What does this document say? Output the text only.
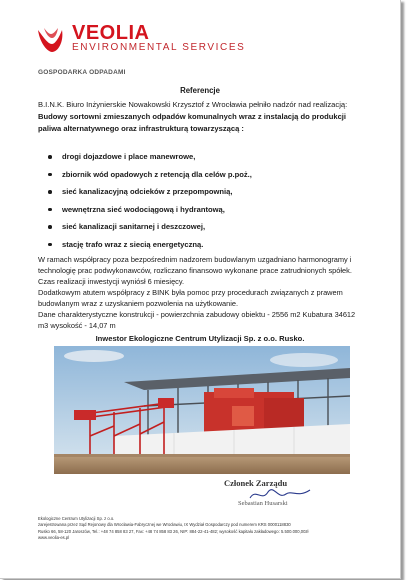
VEOLIA
ENVIRONMENTAL SERVICES
GOSPODARKA ODPADAMI
Referencje
B.I.N.K. Biuro Inżynierskie Nowakowski Krzysztof z Wrocławia pełniło nadzór nad realizacją:
Budowy sortowni zmieszanych odpadów komunalnych wraz z instalacją do produkcji
paliwa alternatywnego oraz infrastrukturą towarzyszącą :
drogi dojazdowe i place manewrowe,
zbiornik wód opadowych z retencją dla celów p.poż.,
sieć kanalizacyjną odcieków z przepompownią,
wewnętrzna sieć wodociągową i hydrantową,
sieć kanalizacji sanitarnej i deszczowej,
stację trafo wraz z siecią energetyczną.
W ramach współpracy poza bezpośrednim nadzorem budowlanym uzgadniano harmonogramy i
technologię prac podwykonawców, rozliczano finansowo wykonane prace zatrudnionych spółek.
Czas realizacji inwestycji wyniósł 6 miesięcy.
Dodatkowym atutem współpracy z BINK była pomoc przy procedurach związanych z prawem
budowlanym wraz z uzyskaniem pozwolenia na użytkowanie.
Dane charakterystyczne konstrukcji - powierzchnia zabudowy obiektu - 2556 m2 Kubatura 34612
Inwestor Ekologiczne Centrum Utylizacji Sp. z o.o. Rusko.
m3 wysokość - 14,07 m
Członek Zarządu
Sebastian Husarski
Ekologiczne Centrum Utylizacji Sp. z o.o.
zarejestrowana przez Sąd Rejonowy dla Wrocławia-Fabrycznej we Wrocławiu, IX Wydział Gospodarczy pod numerem KRS 0000118830
Rusko 66, 58-120 Jaroszów, Tel.: +48 74 858 83 27, Fax: +48 74 858 83 26, NIP: 884-22-41-482; wysokość kapitału zakładowego: 5.500.000,00zł
www.veolia-es.pl
